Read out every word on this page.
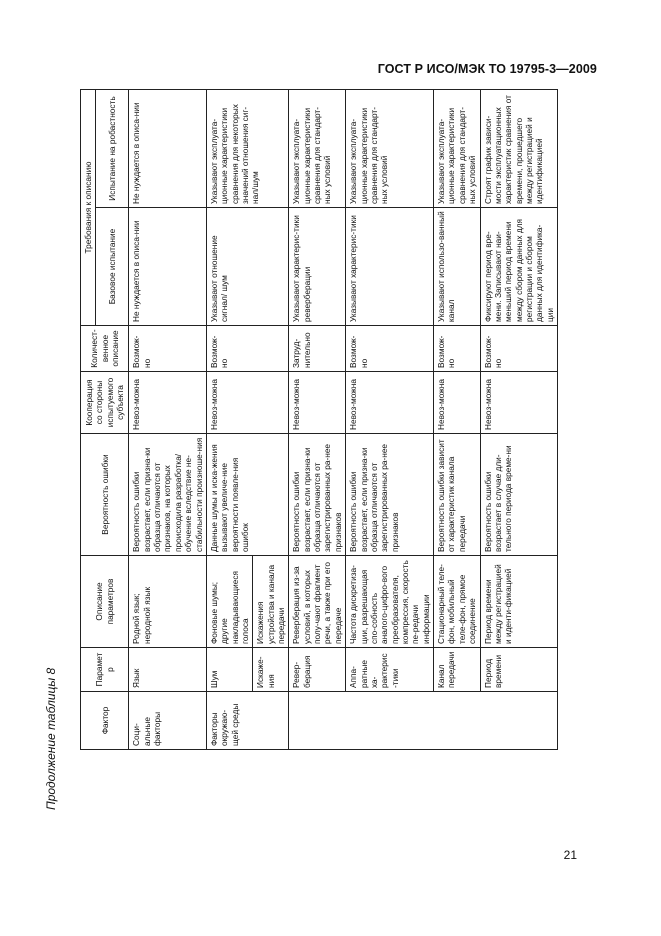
ГОСТ Р ИСО/МЭК ТО 19795-3—2009
Продолжение таблицы 8	Фактор	Параметр	Описание параметров	Вероятность ошибки	Кооперация со стороны испытуемого субъекта	Количест-венное описание	Требования к описанию	
						Базовое испытание	Испытание на робастность
Соци-альные факторы	Язык	Родной язык; неродной язык	Вероятность ошибки возрастает, если призна-ки образца отличаются от признаков, на которых происходила разработка/обучение вследствие не-стабильности произноше-ния	Невоз-можна	Возмож-но	Не нуждается в описа-нии	Не нуждается в описа-нии
Факторы окружаю-щей среды	Шум	Фоновые шумы; другие накладывающиеся голоса	Данные шумы и иска-жения вызывают увеличе-ние вероятности появле-ния ошибок	Невоз-можна	Возмож-но	Указывают отношение сигнал/ шум	Указывают эксплуата-ционные характеристики сравнения для некоторых значений отношения сиг-нал/шум
	Искаже-ния	Искажения устройства и канала передачи					
	Ревер-берация	Реверберация из-за условий, в которых полу-чают фрагмент речи, а также при его передаче	Вероятность ошибки возрастает, если призна-ки образца отличаются от зарегистрированных ра-нее признаков	Невоз-можна	Затруд-нительно	Указывают характерис-тики реверберации	Указывают эксплуата-ционные характеристики сравнения для стандарт-ных условий
	Аппа-ратные ха-рактерис-тики	Частота дискретиза-ции, разрешающая спо-собность аналого-цифро-вого преобразователя, компрессия, скорость пе-редачи информации	Вероятность ошибки возрастает, если призна-ки образца отличаются от зарегистрированных ра-нее признаков	Невоз-можна	Возмож-но	Указывают характерис-тики	Указывают эксплуата-ционные характеристики сравнения для стандарт-ных условий
	Канал передачи	Стационарный теле-фон, мобильный теле-фон, прямое соединение	Вероятность ошибки зависит от характеристик канала передачи	Невоз-можна	Возмож-но	Указывают использо-ванный канал	Указывают эксплуата-ционные характеристики сравнения для стандарт-ных условий
	Период времени	Период времени между регистрацией и иденти-фикацией	Вероятность ошибки возрастает в случае дли-тельного периода време-ни	Невоз-можна	Возмож-но	Фиксируют период вре-мени. Записывают наи-меньший период времени между сбором данных для регистрации и сбором данных для идентифика-ции	Строят график зависи-мости эксплуатационных характеристик сравнения от времени, прошедшего между регистрацией и идентификацией
21
